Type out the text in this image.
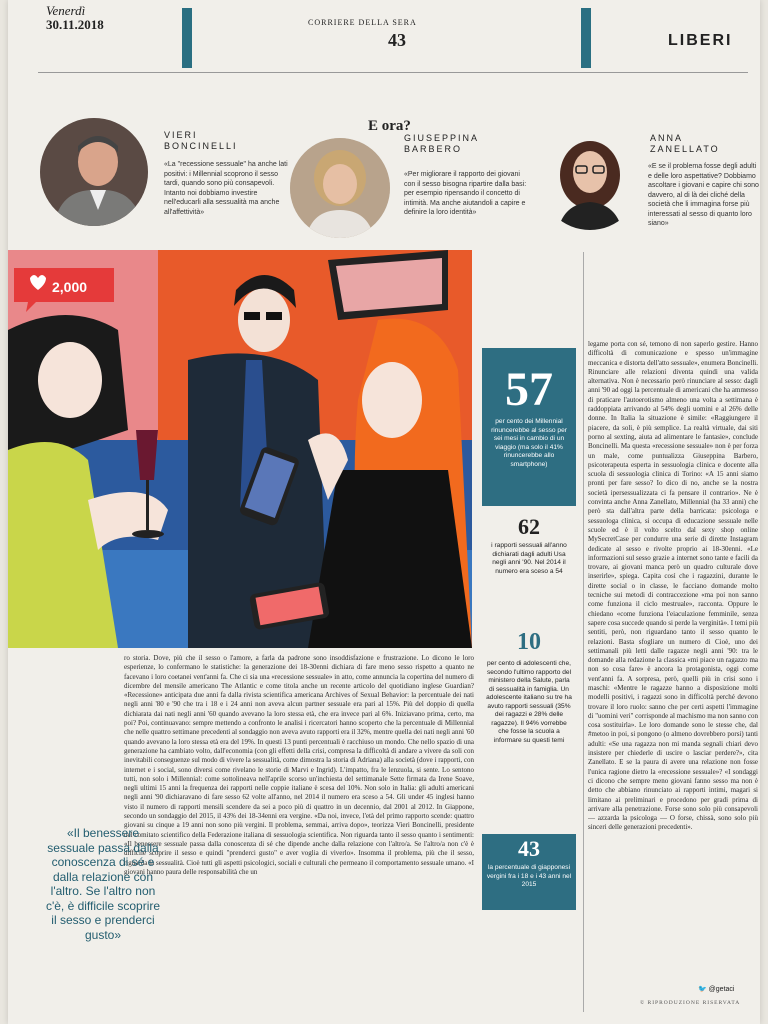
Venerdì
30.11.2018	CORRIERE DELLA SERA
43	LIBERI
E ora?
VIERI
BONCINELLI
«La "recessione sessuale" ha anche lati positivi: i Millennial scoprono il sesso tardi, quando sono più consapevoli. Intanto noi dobbiamo investire nell'educarli alla sessualità ma anche all'affettività»
GIUSEPPINA
BARBERO
«Per migliorare il rapporto dei giovani con il sesso bisogna ripartire dalla basi: per esempio ripensando il concetto di intimità. Ma anche aiutandoli a capire e definire la loro identità»
ANNA
ZANELLATO
«E se il problema fosse degli adulti e delle loro aspettative? Dobbiamo ascoltare i giovani e capire chi sono davvero, al di là dei cliché della società che li immagina forse più interessati al sesso di quanto loro siano»
2,000
57
per cento dei Millennial rinuncerebbe al sesso per sei mesi in cambio di un viaggio (ma solo il 41% rinuncerebbe allo smartphone)
62
i rapporti sessuali all'anno dichiarati dagli adulti Usa negli anni '90. Nel 2014 il numero era sceso a 54
10
per cento di adolescenti che, secondo l'ultimo rapporto del ministero della Salute, parla di sessualità in famiglia. Un adolescente italiano su tre ha avuto rapporti sessuali (35% dei ragazzi e 28% delle ragazze). Il 94% vorrebbe che fosse la scuola a informare su questi temi
43
la percentuale di giapponesi vergini fra i 18 e i 43 anni nel 2015

ro storia. Dove, più che il sesso o l'amore, a farla da padrone sono insoddisfazione e frustrazione. Lo dicono le loro esperienze, lo confermano le statistiche: la generazione dei 18-30enni dichiara di fare meno sesso rispetto a quanto ne facevano i loro coetanei vent'anni fa. Che ci sia una «recessione sessuale» in atto, come annuncia la copertina del numero di dicembre del mensile americano The Atlantic e come titola anche un recente articolo del quotidiano inglese Guardian? «Recessione» anticipata due anni fa dalla rivista scientifica americana Archives of Sexual Behavior: la percentuale dei nati negli anni '80 e '90 che tra i 18 e i 24 anni non aveva alcun partner sessuale era pari al 15%. Più del doppio di quella dichiarata dai nati negli anni '60 quando avevano la loro stessa età, che era invece pari al 6%. Iniziavano prima, certo, ma poi? Poi, continuavano: sempre mettendo a confronto le analisi i ricercatori hanno scoperto che la percentuale di Millennial che nelle quattro settimane precedenti al sondaggio non aveva avuto rapporti era il 32%, mentre quella dei nati negli anni '60 quando avevano la loro stessa età era del 19%. In questi 13 punti percentuali è racchiuso un mondo. Che nello spazio di una generazione ha cambiato volto, dall'economia (con gli effetti della crisi, compresa la difficoltà di andare a vivere da soli con inevitabili conseguenze sul modo di vivere la sessualità, come dimostra la storia di Adriana) alla società (dove i rapporti, con internet e i social, sono diversi come rivelano le storie di Marvi e Ingrid). L'impatto, fra le lenzuola, si sente. Lo sentono tutti, non solo i Millennial: come sottolineava nell'aprile scorso un'inchiesta del settimanale Sette firmata da Irene Soave, negli ultimi 15 anni la frequenza dei rapporti nelle coppie italiane è scesa del 10%. Non solo in Italia: gli adulti americani negli anni '90 dichiaravano di fare sesso 62 volte all'anno, nel 2014 il numero era sceso a 54. Gli under 45 inglesi hanno visto il numero di rapporti mensili scendere da sei a poco più di quattro in un decennio, dal 2001 al 2012. In Giappone, secondo un sondaggio del 2015, il 43% dei 18-34enni era vergine. «Da noi, invece, l'età del primo rapporto scende: quattro giovani su cinque a 19 anni non sono più vergini. Il problema, semmai, arriva dopo», teorizza Vieri Boncinelli, presidente del comitato scientifico della Federazione italiana di sessuologia scientifica. Non riguarda tanto il sesso quanto i sentimenti: «Il benessere sessuale passa dalla conoscenza di sé che dipende anche dalla relazione con l'altro/a. Se l'altro/a non c'è è difficile scoprire il sesso e quindi "prenderci gusto" e aver voglia di viverlo». Insomma il problema, più che il sesso, riguarda la sessualità. Cioè tutti gli aspetti psicologici, sociali e culturali che permeano il comportamento sessuale umano. «I giovani hanno paura delle responsabilità che un

legame porta con sé, temono di non saperlo gestire. Hanno difficoltà di comunicazione e spesso un'immagine meccanica e distorta dell'atto sessuale», enumera Boncinelli. Rinunciare alle relazioni diventa quindi una valida alternativa. Non è necessario però rinunciare al sesso: dagli anni '90 ad oggi la percentuale di americani che ha ammesso di praticare l'autoerotismo almeno una volta a settimana è raddoppiata arrivando al 54% degli uomini e al 26% delle donne. In Italia la situazione è simile: «Raggiungere il piacere, da soli, è più semplice. La realtà virtuale, dai siti porno al sexting, aiuta ad alimentare le fantasie», conclude Boncinelli. Ma questa «recessione sessuale» non è per forza un male, come puntualizza Giuseppina Barbero, psicoterapeuta esperta in sessuologia clinica e docente alla scuola di sessuologia clinica di Torino: «A 15 anni siamo pronti per fare sesso? Io dico di no, anche se la nostra società ipersessualizzata ci fa pensare il contrario». Ne è convinta anche Anna Zanellato, Millennial (ha 33 anni) che però sta dall'altra parte della barricata: psicologa e sessuologa clinica, si occupa di educazione sessuale nelle scuole ed è il volto scelto dal sexy shop online MySecretCase per condurre una serie di dirette Instagram dedicate al sesso e rivolte proprio ai 18-30enni. «Le informazioni sul sesso grazie a internet sono tante e facili da trovare, ai giovani manca però un quadro culturale dove inserirle», spiega. Capita così che i ragazzini, durante le dirette social o in classe, le facciano domande molto tecniche sui metodi di contraccezione «ma poi non sanno come funziona il ciclo mestruale», racconta. Oppure le chiedano «come funziona l'eiaculazione femminile, senza sapere cosa succede quando si perde la verginità». I temi più sentiti, però, non riguardano tanto il sesso quanto le relazioni. Basta sfogliare un numero di Cioè, uno dei settimanali più letti dalle ragazze negli anni '90: tra le domande alla redazione la classica «mi piace un ragazzo ma non so cosa fare» è ancora la protagonista, oggi come vent'anni fa. A sorpresa, però, quelli più in crisi sono i maschi: «Mentre le ragazze hanno a disposizione molti modelli positivi, i ragazzi sono in difficoltà perché devono trovare il loro ruolo: sanno che per certi aspetti l'immagine di "uomini veri" corrisponde al machismo ma non sanno con cosa sostituirla». Le loro domande sono le stesse che, dal #metoo in poi, si pongono (o almeno dovrebbero porsi) tanti adulti: «Se una ragazza non mi manda segnali chiari devo insistere per chiederle di uscire o lasciar perdere?», cita Zanellato. E se la paura di avere una relazione non fosse l'unica ragione dietro la «recessione sessuale»? «I sondaggi ci dicono che sempre meno giovani fanno sesso ma non è detto che abbiano rinunciato ai rapporti intimi, magari si limitano ai preliminari e procedono per gradi prima di arrivare alla penetrazione. Forse sono solo più consapevoli — azzarda la psicologa — O forse, chissà, sono solo più sinceri delle generazioni precedenti».

«Il benessere sessuale passa dalla conoscenza di sé e dalla relazione con l'altro. Se l'altro non c'è, è difficile scoprire il sesso e prenderci gusto»
🐦 @getaci
© RIPRODUZIONE RISERVATA
